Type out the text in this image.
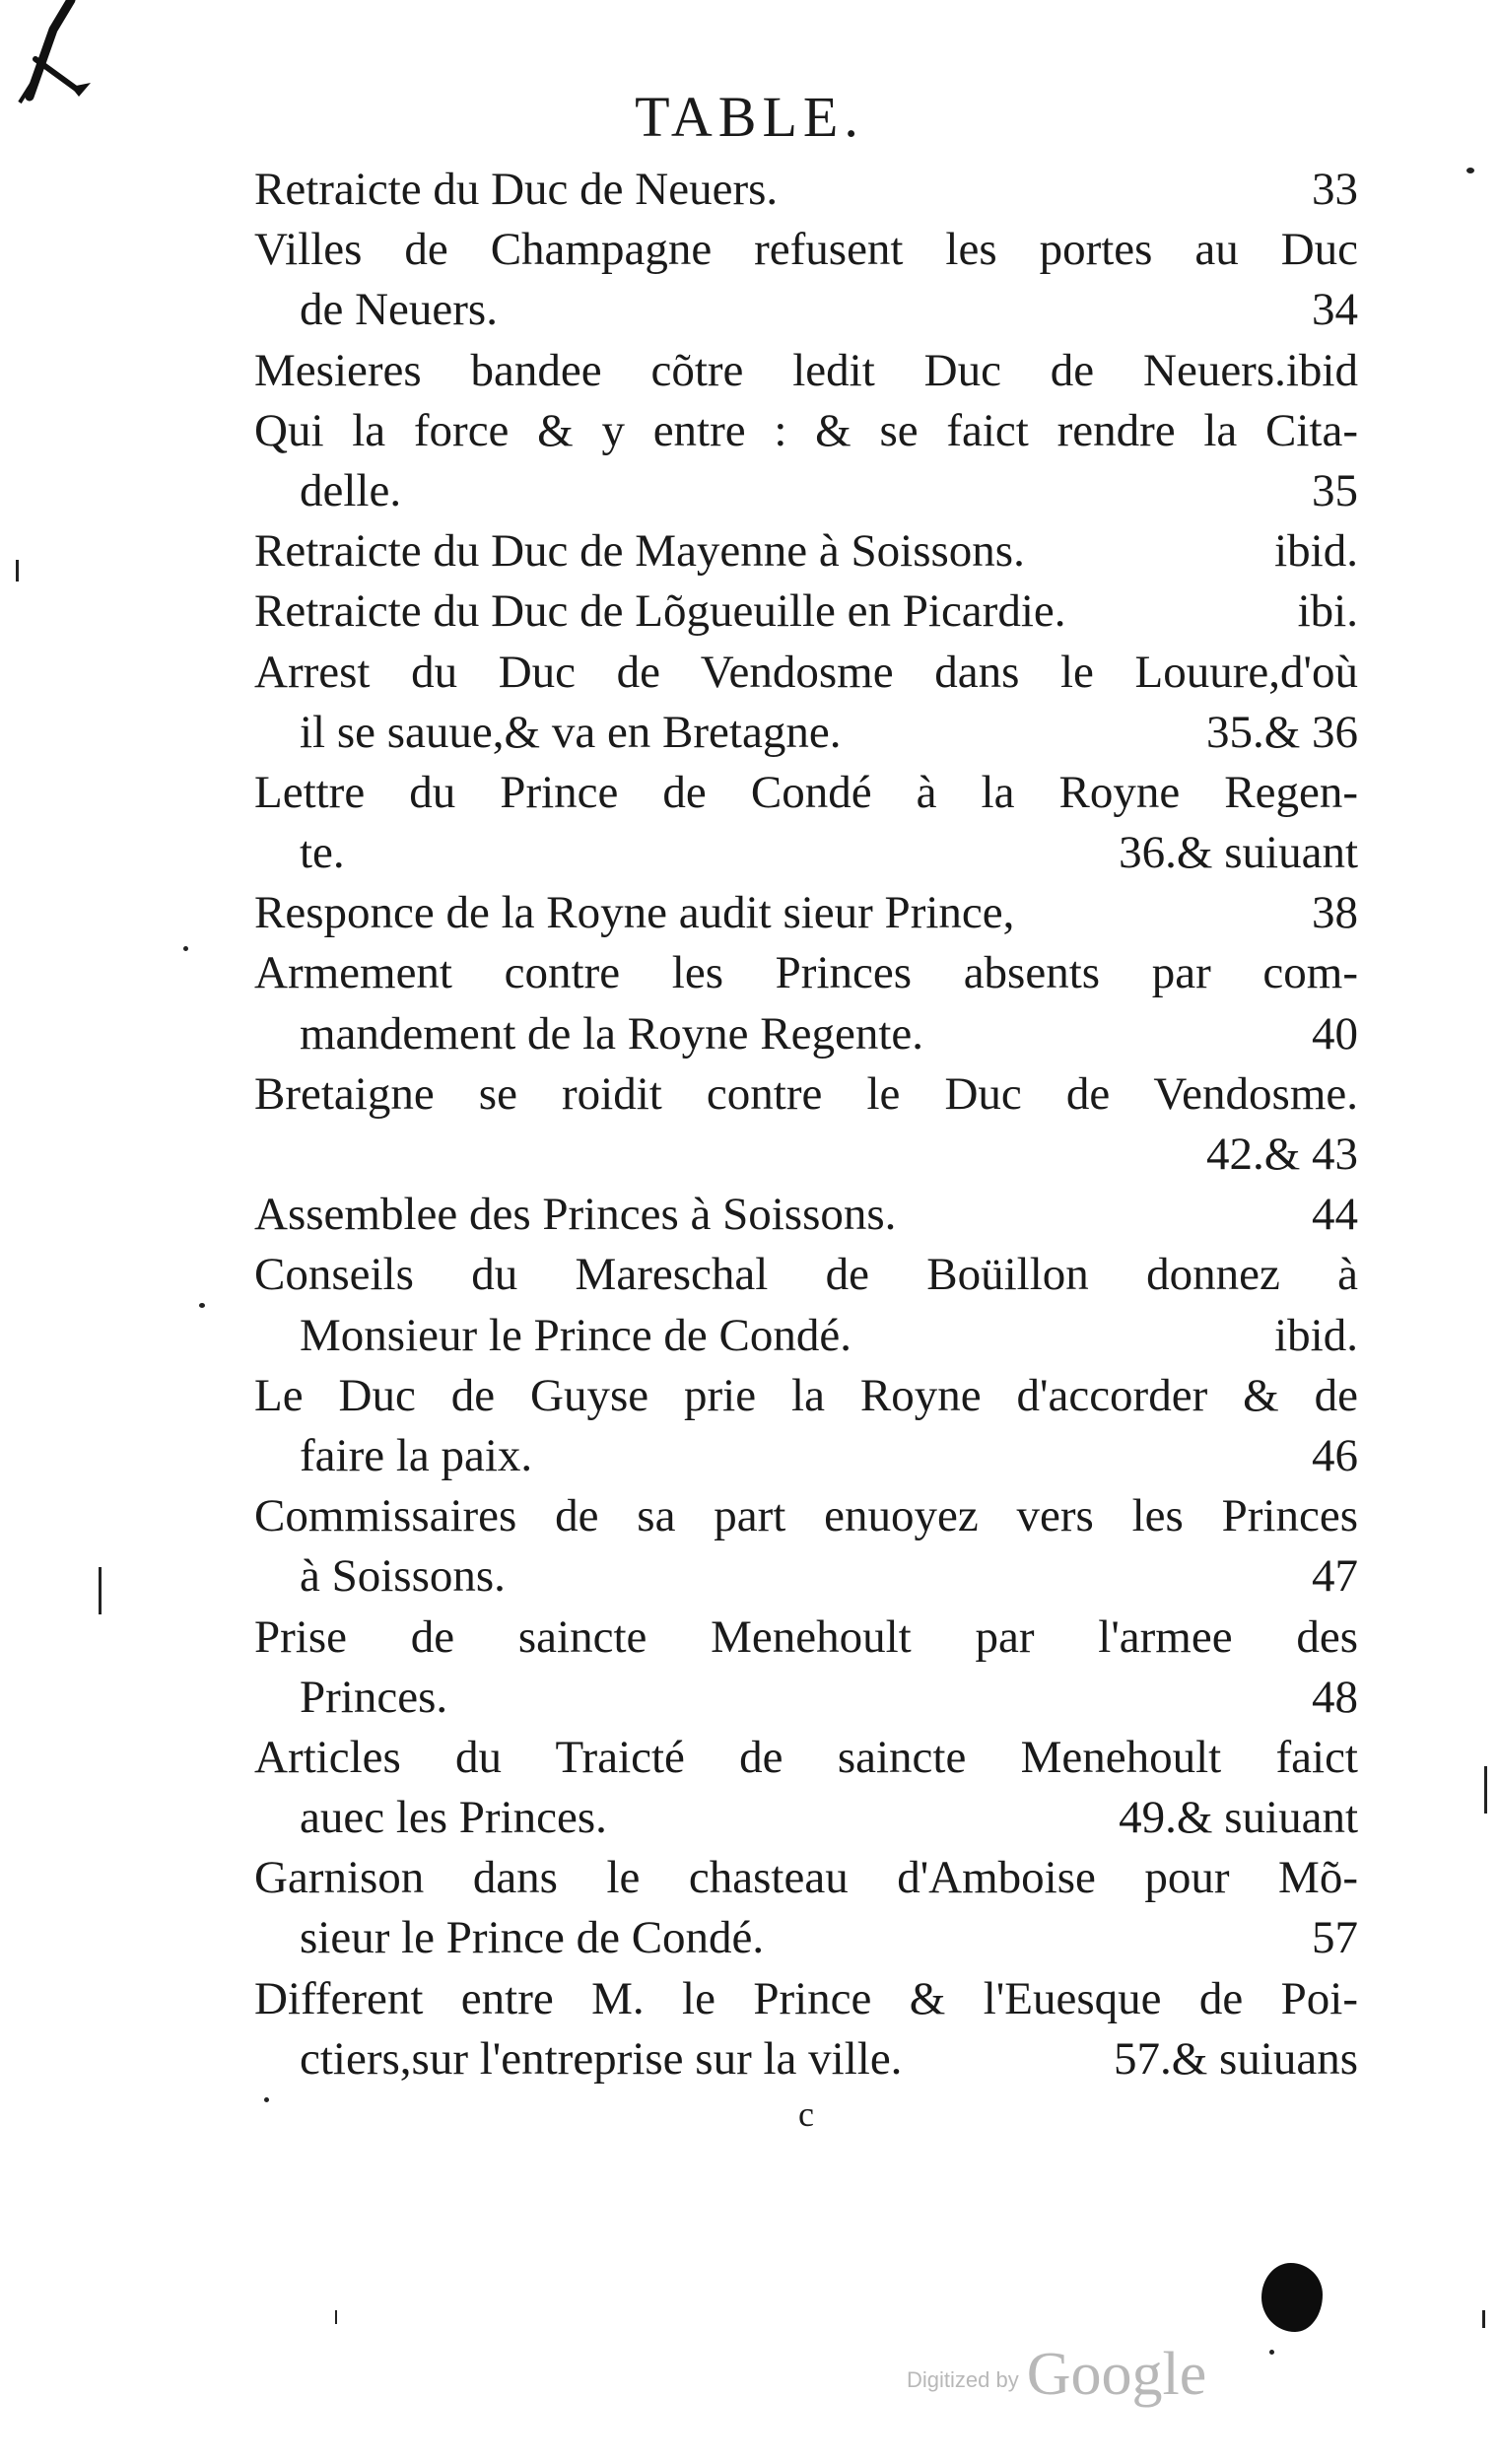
TABLE.
Retraicte du Duc de Neuers.	33
Villes de Champagne refusent les portes au Duc
de Neuers.	34
Mesieres bandee cõtre ledit Duc de Neuers.ibid
Qui la force & y entre : & se faict rendre la Cita-
delle.	35
Retraicte du Duc de Mayenne à Soissons.	ibid.
Retraicte du Duc de Lõgueuille en Picardie.	ibi.
Arrest du Duc de Vendosme dans le Louure,d'où
il se sauue,& va en Bretagne.	35.& 36
Lettre du Prince de Condé à la Royne Regen-
te.	36.& suiuant
Responce de la Royne audit sieur Prince,	38
Armement contre les Princes absents par com-
mandement de la Royne Regente.	40
Bretaigne se roidit contre le Duc de Vendosme.
42.& 43
Assemblee des Princes à Soissons.	44
Conseils du Mareschal de Boüillon donnez à
Monsieur le Prince de Condé.	ibid.
Le Duc de Guyse prie la Royne d'accorder & de
faire la paix.	46
Commissaires de sa part enuoyez vers les Princes
à Soissons.	47
Prise de saincte Menehoult par l'armee des
Princes.	48
Articles du Traicté de saincte Menehoult faict
auec les Princes.	49.& suiuant
Garnison dans le chasteau d'Amboise pour Mõ-
sieur le Prince de Condé.	57
Different entre M. le Prince & l'Euesque de Poi-
ctiers,sur l'entreprise sur la ville.	57.& suiuans
c
Digitized by Google
